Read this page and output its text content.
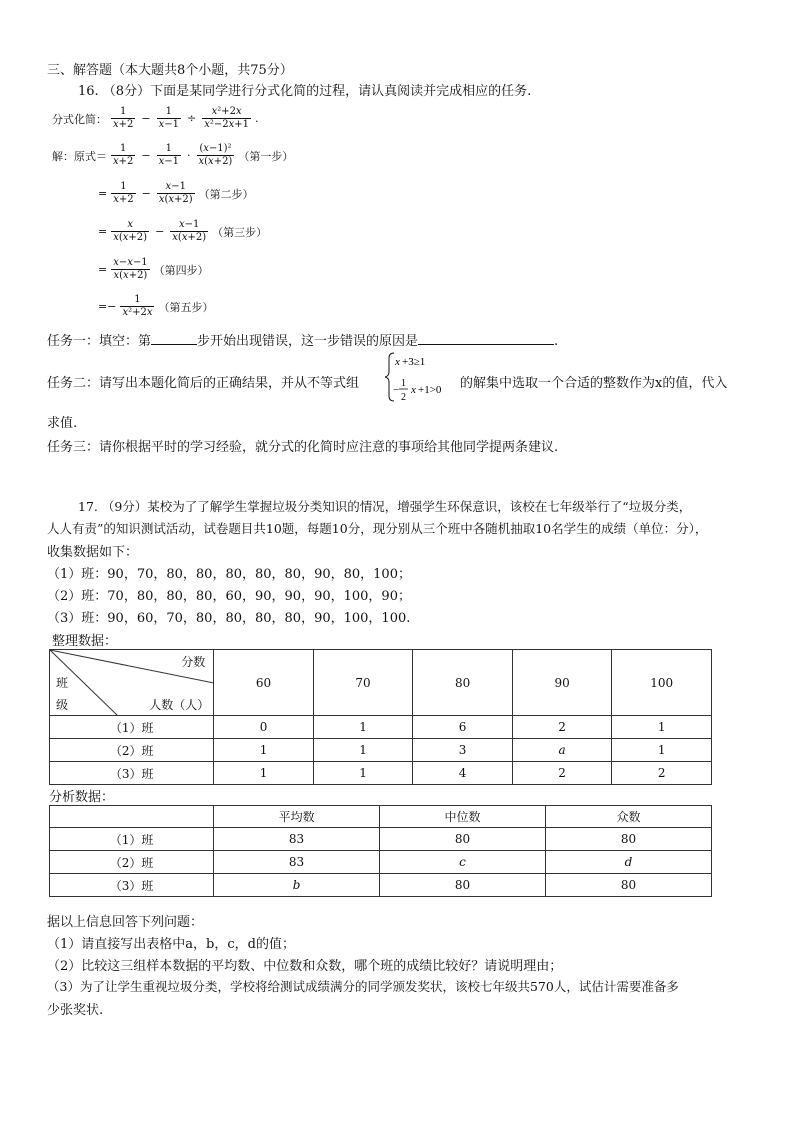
三、解答题（本大题共8个小题，共75分）
16. （8分）下面是某同学进行分式化简的过程，请认真阅读并完成相应的任务.
分式化简： $\frac{1}{x+2} - \frac{1}{x-1} \div \frac{\text{x²+2x}}{\text{x²−2x+1}}$ .
解：原式＝ $\frac{1}{x+2} - \frac{1}{x-1} \cdot \frac{\text{(x−1)²}}{x(x+2)}$ （第一步）
= $\frac{1}{x+2} - \frac{x-1}{x(x+2)}$ （第二步）
= $\frac{x}{x(x+2)} - \frac{x-1}{x(x+2)}$ （第三步）
= $\frac{x-x-1}{x(x+2)}$ （第四步）
=− $\frac{1}{\text{x²+2x}}$ （第五步）
任务一：填空：第	步开始出现错误，这一步错误的原因是	.
任务二：请写出本题化简后的正确结果，并从不等式组
x +3≥1
−
1
2
x +1>0 的解集中选取一个合适的整数作为x的值，代入
求值.
任务三：请你根据平时的学习经验，就分式的化简时应注意的事项给其他同学提两条建议.
17. （9分）某校为了了解学生掌握垃圾分类知识的情况，增强学生环保意识，该校在七年级举行了“垃圾分类，
人人有责”的知识测试活动，试卷题目共10题，每题10分，现分别从三个班中各随机抽取10名学生的成绩（单位：分），
收集数据如下：
（1）班：90，70，80，80，80，80，80，90，80，100；
（2）班：70，80，80，80，60，90，90，90，100，90；
（3）班：90，60，70，80，80，80，80，90，100，100.
整理数据：
分数
班
级 人数（人）	60	70	80	90	100
（1）班	0	1	6	2	1
（2）班	1	1	3	a	1
（3）班	1	1	4	2	2
分析数据：
	平均数	中位数	众数
（1）班	83	80	80
（2）班	83	c	d
（3）班	b	80	80
据以上信息回答下列问题：
（1）请直接写出表格中a，b，c，d的值；
（2）比较这三组样本数据的平均数、中位数和众数，哪个班的成绩比较好？请说明理由；
（3）为了让学生重视垃圾分类，学校将给测试成绩满分的同学颁发奖状，该校七年级共570人，试估计需要准备多
少张奖状.
